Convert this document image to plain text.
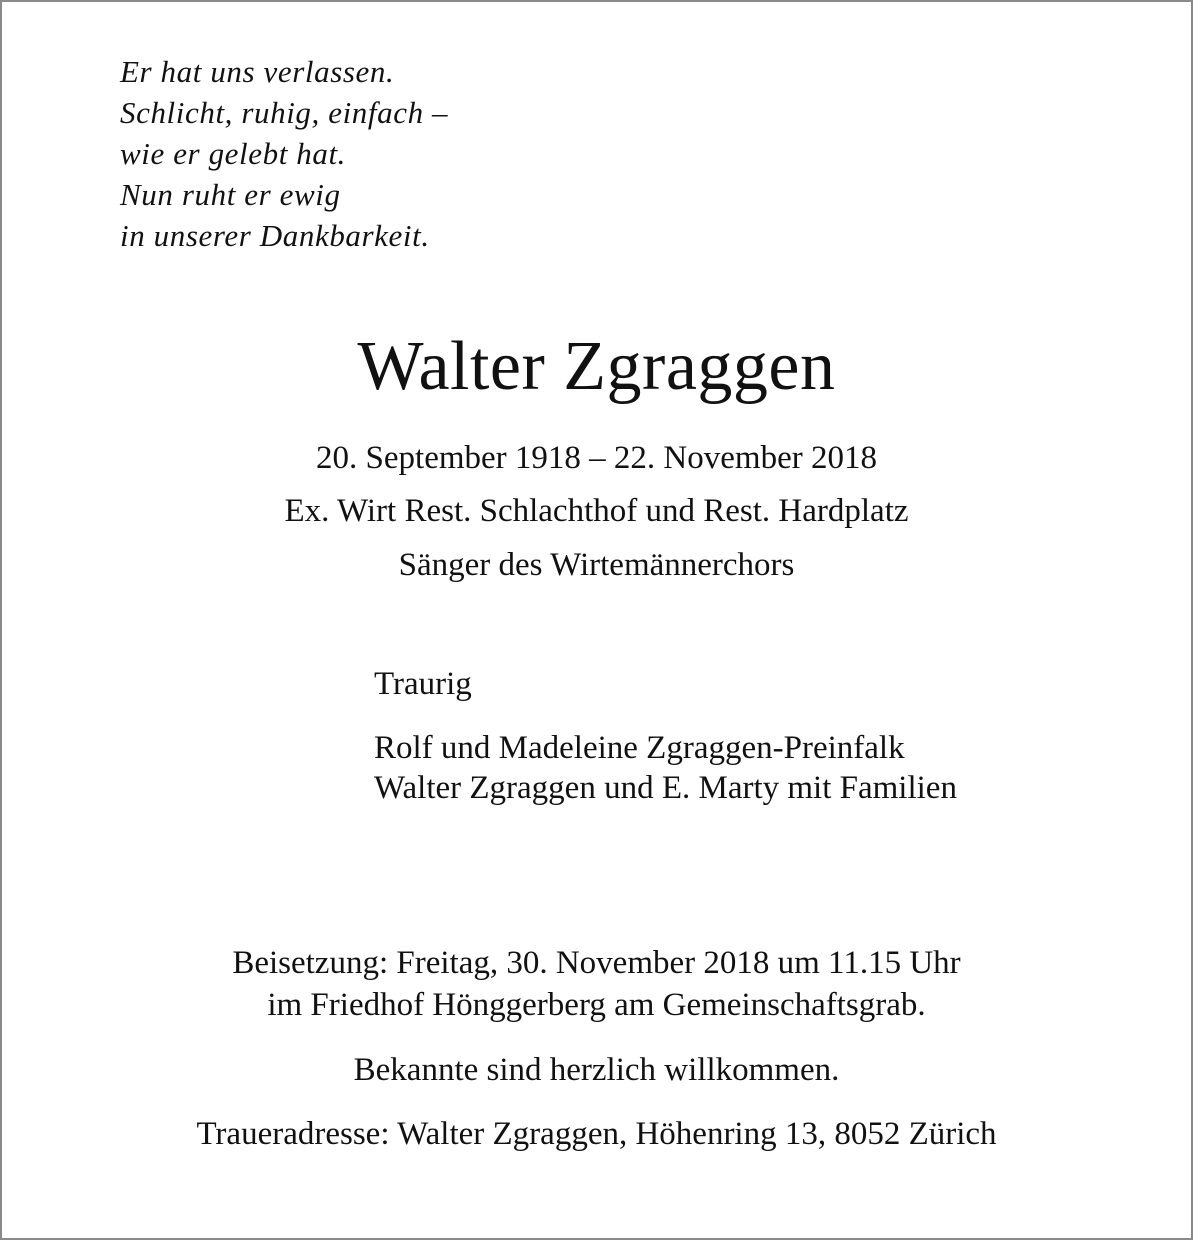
Er hat uns verlassen.
Schlicht, ruhig, einfach –
wie er gelebt hat.
Nun ruht er ewig
in unserer Dankbarkeit.
Walter Zgraggen
20. September 1918 – 22. November 2018
Ex. Wirt Rest. Schlachthof und Rest. Hardplatz
Sänger des Wirtemännerchors
Traurig
Rolf und Madeleine Zgraggen-Preinfalk
Walter Zgraggen und E. Marty mit Familien
Beisetzung: Freitag, 30. November 2018 um 11.15 Uhr
im Friedhof Hönggerberg am Gemeinschaftsgrab.
Bekannte sind herzlich willkommen.
Traueradresse: Walter Zgraggen, Höhenring 13, 8052 Zürich
